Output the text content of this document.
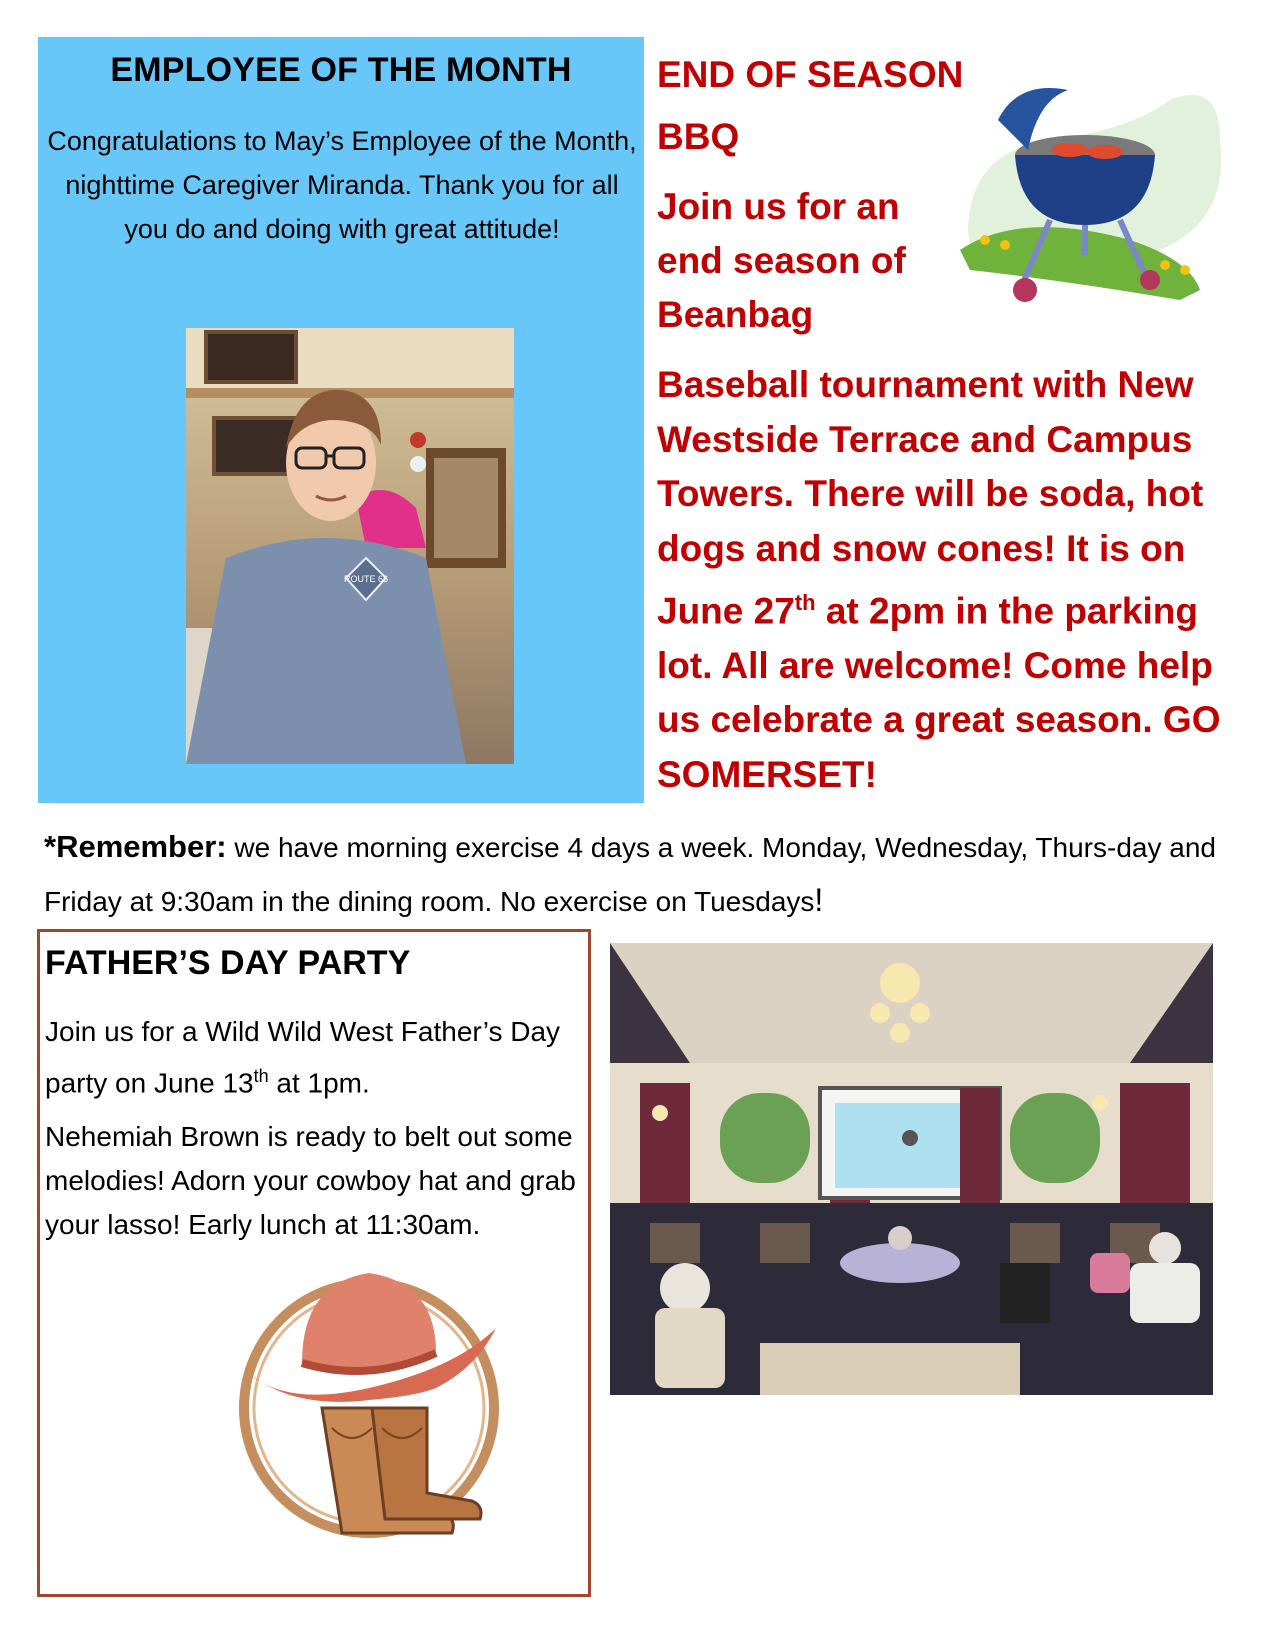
EMPLOYEE OF THE MONTH
Congratulations to May’s Employee of the Month, nighttime Caregiver Miranda. Thank you for all you do and doing with great attitude!
ROUTE 66
END OF SEASON BBQ
Join us for an end season of Beanbag
Baseball tournament with New Westside Terrace and Campus Towers. There will be soda, hot dogs and snow cones! It is on June 27th at 2pm in the parking lot. All are welcome! Come help us celebrate a great season. GO SOMERSET!
*Remember: we have morning exercise 4 days a week. Monday, Wednesday, Thurs-day and Friday at 9:30am in the dining room. No exercise on Tuesdays!
FATHER’S DAY PARTY
Join us for a Wild Wild West Father’s Day party on June 13th at 1pm.
Nehemiah Brown is ready to belt out some melodies! Adorn your cowboy hat and grab your lasso! Early lunch at 11:30am.
